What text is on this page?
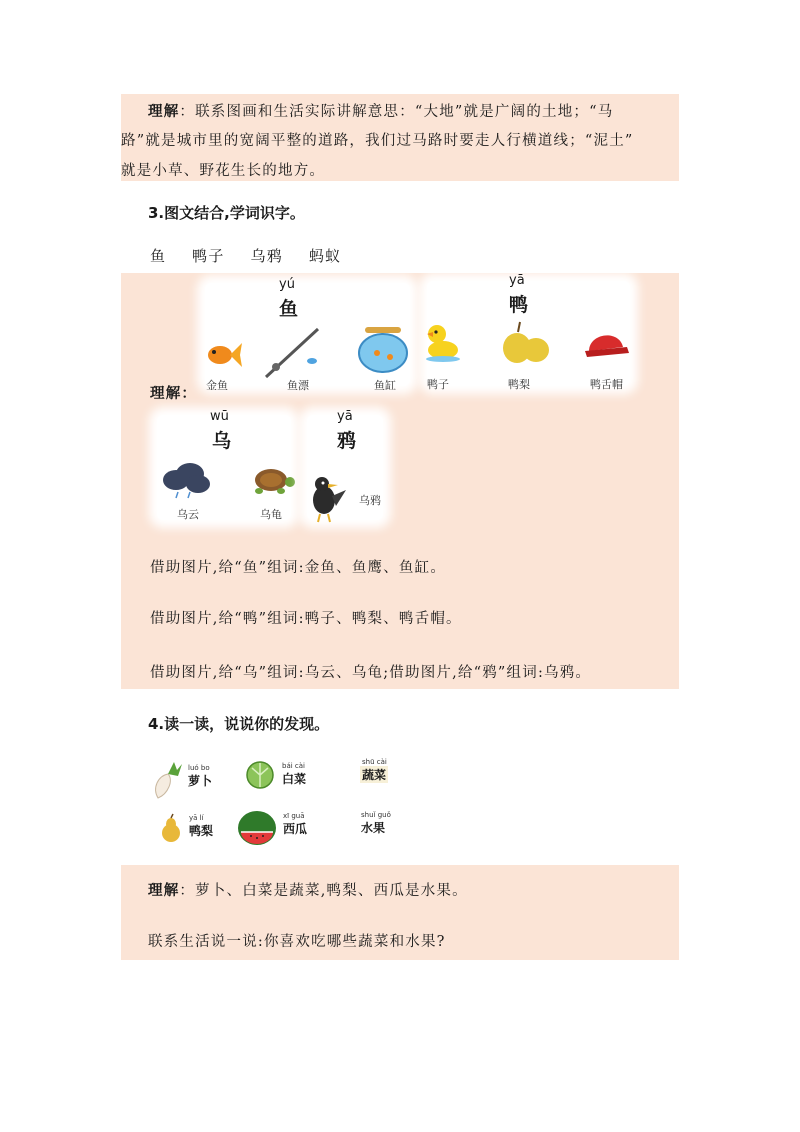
理解：联系图画和生活实际讲解意思：“大地”就是广阔的土地；“马
路”就是城市里的宽阔平整的道路，我们过马路时要走人行横道线；“泥土”
就是小草、野花生长的地方。
3.图文结合,学词识字。
鱼 鸭子 乌鸦 蚂蚁
yú
鱼
金鱼	鱼漂	鱼缸
yā
鸭
鸭子	鸭梨	鸭舌帽
理解：
wū
乌
乌云	乌龟
yā
鸦
乌鸦
借助图片,给“鱼”组词:金鱼、鱼鹰、鱼缸。
借助图片,给“鸭”组词:鸭子、鸭梨、鸭舌帽。
借助图片,给“乌”组词:乌云、乌龟;借助图片,给“鸦”组词:乌鸦。
4.读一读，说说你的发现。
luó bo
萝卜
bái cài
白菜
shū cài
蔬菜
yā lí
鸭梨
xī guā
西瓜
shuǐ guǒ
水果
理解：萝卜、白菜是蔬菜,鸭梨、西瓜是水果。
联系生活说一说:你喜欢吃哪些蔬菜和水果?
